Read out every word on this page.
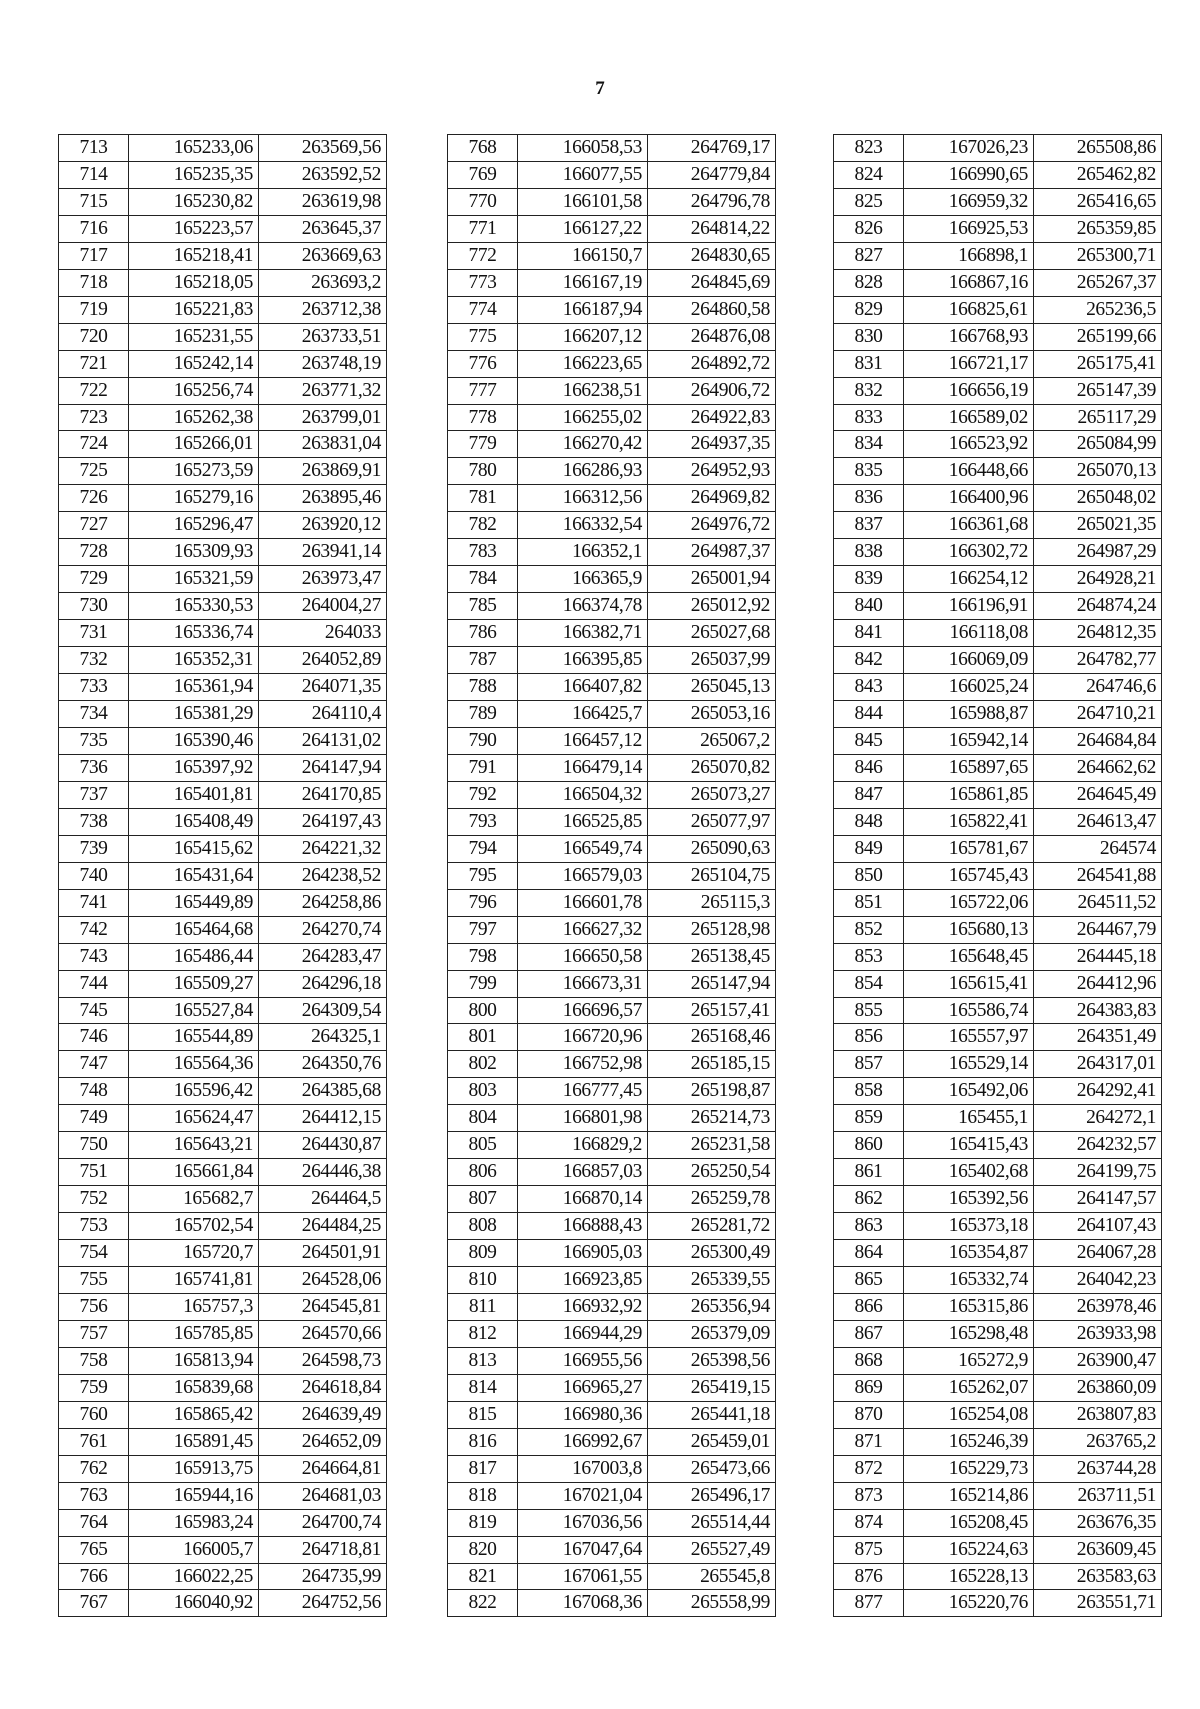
7
713	165233,06	263569,56
714	165235,35	263592,52
715	165230,82	263619,98
716	165223,57	263645,37
717	165218,41	263669,63
718	165218,05	263693,2
719	165221,83	263712,38
720	165231,55	263733,51
721	165242,14	263748,19
722	165256,74	263771,32
723	165262,38	263799,01
724	165266,01	263831,04
725	165273,59	263869,91
726	165279,16	263895,46
727	165296,47	263920,12
728	165309,93	263941,14
729	165321,59	263973,47
730	165330,53	264004,27
731	165336,74	264033
732	165352,31	264052,89
733	165361,94	264071,35
734	165381,29	264110,4
735	165390,46	264131,02
736	165397,92	264147,94
737	165401,81	264170,85
738	165408,49	264197,43
739	165415,62	264221,32
740	165431,64	264238,52
741	165449,89	264258,86
742	165464,68	264270,74
743	165486,44	264283,47
744	165509,27	264296,18
745	165527,84	264309,54
746	165544,89	264325,1
747	165564,36	264350,76
748	165596,42	264385,68
749	165624,47	264412,15
750	165643,21	264430,87
751	165661,84	264446,38
752	165682,7	264464,5
753	165702,54	264484,25
754	165720,7	264501,91
755	165741,81	264528,06
756	165757,3	264545,81
757	165785,85	264570,66
758	165813,94	264598,73
759	165839,68	264618,84
760	165865,42	264639,49
761	165891,45	264652,09
762	165913,75	264664,81
763	165944,16	264681,03
764	165983,24	264700,74
765	166005,7	264718,81
766	166022,25	264735,99
767	166040,92	264752,56
768	166058,53	264769,17
769	166077,55	264779,84
770	166101,58	264796,78
771	166127,22	264814,22
772	166150,7	264830,65
773	166167,19	264845,69
774	166187,94	264860,58
775	166207,12	264876,08
776	166223,65	264892,72
777	166238,51	264906,72
778	166255,02	264922,83
779	166270,42	264937,35
780	166286,93	264952,93
781	166312,56	264969,82
782	166332,54	264976,72
783	166352,1	264987,37
784	166365,9	265001,94
785	166374,78	265012,92
786	166382,71	265027,68
787	166395,85	265037,99
788	166407,82	265045,13
789	166425,7	265053,16
790	166457,12	265067,2
791	166479,14	265070,82
792	166504,32	265073,27
793	166525,85	265077,97
794	166549,74	265090,63
795	166579,03	265104,75
796	166601,78	265115,3
797	166627,32	265128,98
798	166650,58	265138,45
799	166673,31	265147,94
800	166696,57	265157,41
801	166720,96	265168,46
802	166752,98	265185,15
803	166777,45	265198,87
804	166801,98	265214,73
805	166829,2	265231,58
806	166857,03	265250,54
807	166870,14	265259,78
808	166888,43	265281,72
809	166905,03	265300,49
810	166923,85	265339,55
811	166932,92	265356,94
812	166944,29	265379,09
813	166955,56	265398,56
814	166965,27	265419,15
815	166980,36	265441,18
816	166992,67	265459,01
817	167003,8	265473,66
818	167021,04	265496,17
819	167036,56	265514,44
820	167047,64	265527,49
821	167061,55	265545,8
822	167068,36	265558,99
823	167026,23	265508,86
824	166990,65	265462,82
825	166959,32	265416,65
826	166925,53	265359,85
827	166898,1	265300,71
828	166867,16	265267,37
829	166825,61	265236,5
830	166768,93	265199,66
831	166721,17	265175,41
832	166656,19	265147,39
833	166589,02	265117,29
834	166523,92	265084,99
835	166448,66	265070,13
836	166400,96	265048,02
837	166361,68	265021,35
838	166302,72	264987,29
839	166254,12	264928,21
840	166196,91	264874,24
841	166118,08	264812,35
842	166069,09	264782,77
843	166025,24	264746,6
844	165988,87	264710,21
845	165942,14	264684,84
846	165897,65	264662,62
847	165861,85	264645,49
848	165822,41	264613,47
849	165781,67	264574
850	165745,43	264541,88
851	165722,06	264511,52
852	165680,13	264467,79
853	165648,45	264445,18
854	165615,41	264412,96
855	165586,74	264383,83
856	165557,97	264351,49
857	165529,14	264317,01
858	165492,06	264292,41
859	165455,1	264272,1
860	165415,43	264232,57
861	165402,68	264199,75
862	165392,56	264147,57
863	165373,18	264107,43
864	165354,87	264067,28
865	165332,74	264042,23
866	165315,86	263978,46
867	165298,48	263933,98
868	165272,9	263900,47
869	165262,07	263860,09
870	165254,08	263807,83
871	165246,39	263765,2
872	165229,73	263744,28
873	165214,86	263711,51
874	165208,45	263676,35
875	165224,63	263609,45
876	165228,13	263583,63
877	165220,76	263551,71
